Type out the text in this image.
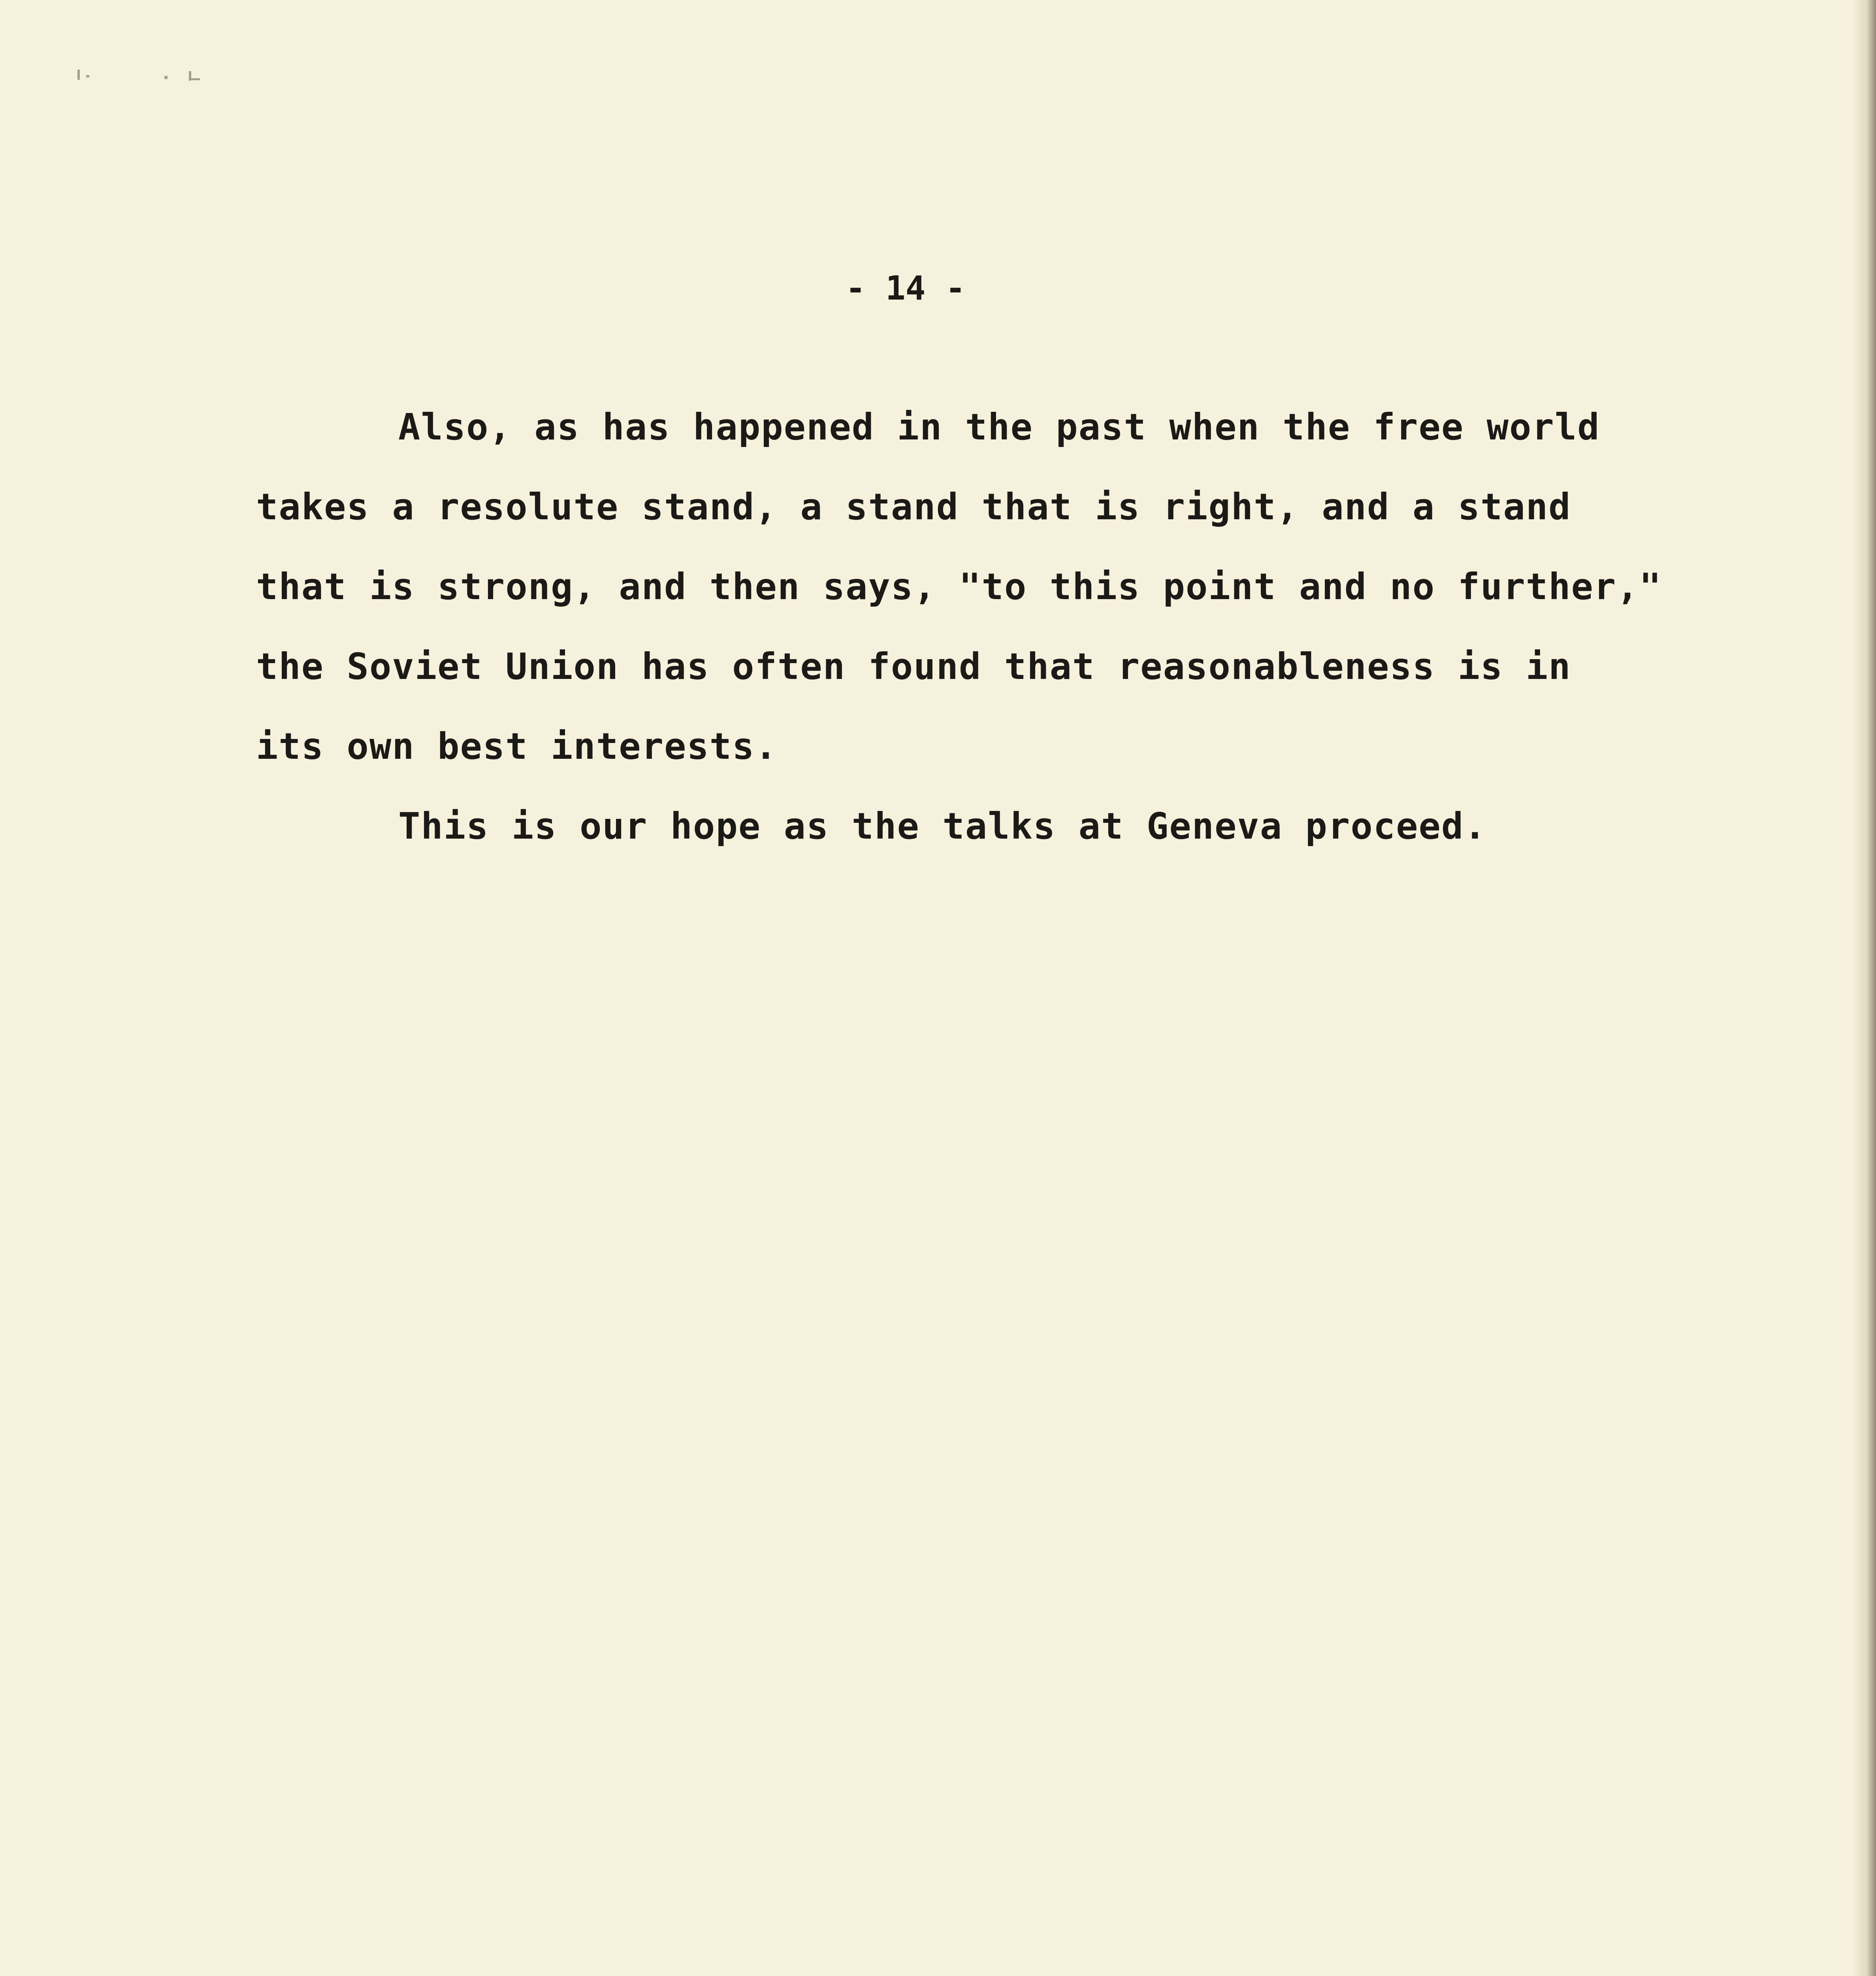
- 14 -
Also, as has happened in the past when the free world
takes a resolute stand, a stand that is right, and a stand
that is strong, and then says, "to this point and no further,"
the Soviet Union has often found that reasonableness is in
its own best interests.
This is our hope as the talks at Geneva proceed.
